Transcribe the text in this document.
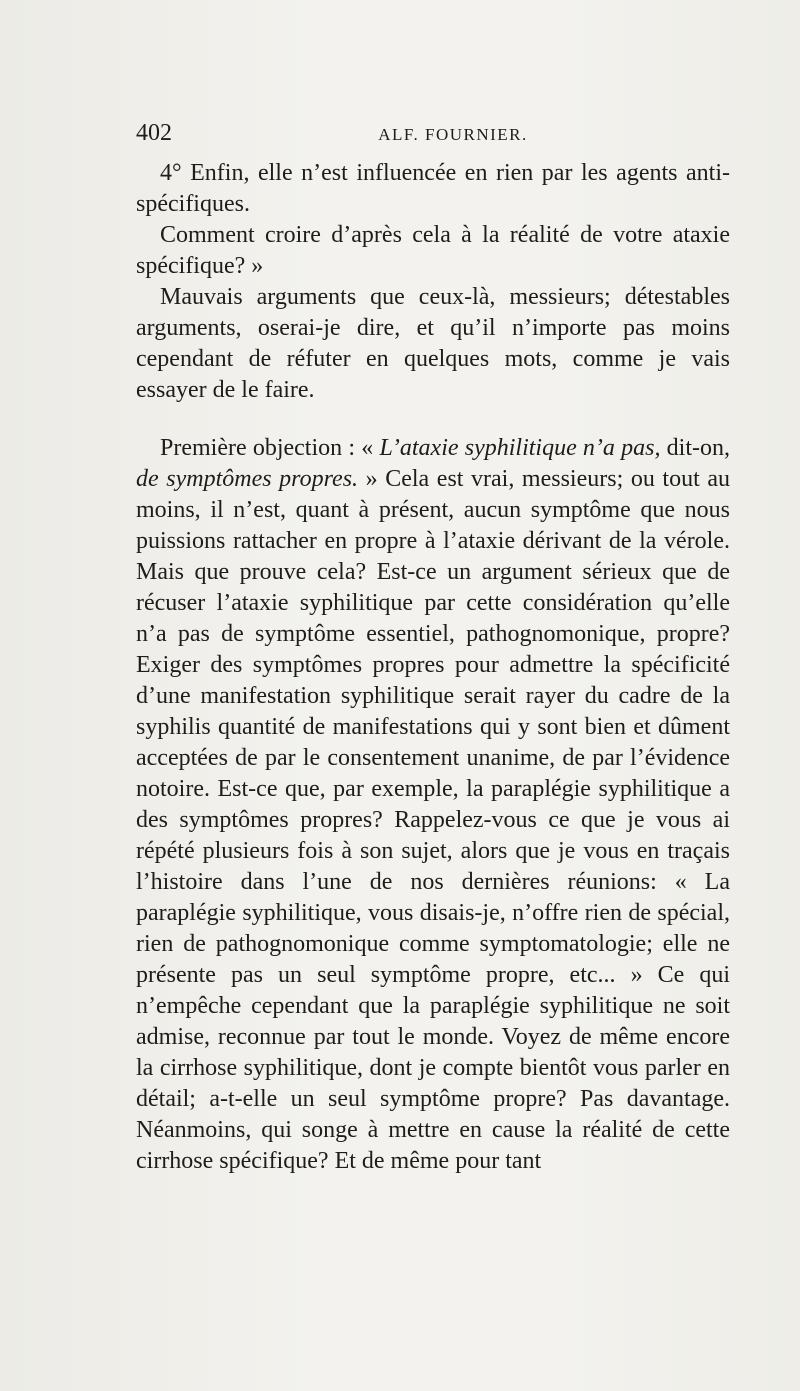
402	ALF. FOURNIER.

4° Enfin, elle n’est influencée en rien par les agents anti-spécifiques.

Comment croire d’après cela à la réalité de votre ataxie spécifique? »

Mauvais arguments que ceux-là, messieurs; détestables arguments, oserai-je dire, et qu’il n’importe pas moins cependant de réfuter en quelques mots, comme je vais essayer de le faire.

Première objection : « L’ataxie syphilitique n’a pas, dit-on, de symptômes propres. » Cela est vrai, messieurs; ou tout au moins, il n’est, quant à présent, aucun symptôme que nous puissions rattacher en propre à l’ataxie dérivant de la vérole. Mais que prouve cela? Est-ce un argument sérieux que de récuser l’ataxie syphilitique par cette considération qu’elle n’a pas de symptôme essentiel, pathognomonique, propre? Exiger des symptômes propres pour admettre la spécificité d’une manifestation syphilitique serait rayer du cadre de la syphilis quantité de manifestations qui y sont bien et dûment acceptées de par le consentement unanime, de par l’évidence notoire. Est-ce que, par exemple, la paraplégie syphilitique a des symptômes propres? Rappelez-vous ce que je vous ai répété plusieurs fois à son sujet, alors que je vous en traçais l’histoire dans l’une de nos dernières réunions: « La paraplégie syphilitique, vous disais-je, n’offre rien de spécial, rien de pathognomonique comme symptomatologie; elle ne présente pas un seul symptôme propre, etc... » Ce qui n’empêche cependant que la paraplégie syphilitique ne soit admise, reconnue par tout le monde. Voyez de même encore la cirrhose syphilitique, dont je compte bientôt vous parler en détail; a-t-elle un seul symptôme propre? Pas davantage. Néanmoins, qui songe à mettre en cause la réalité de cette cirrhose spécifique? Et de même pour tant
